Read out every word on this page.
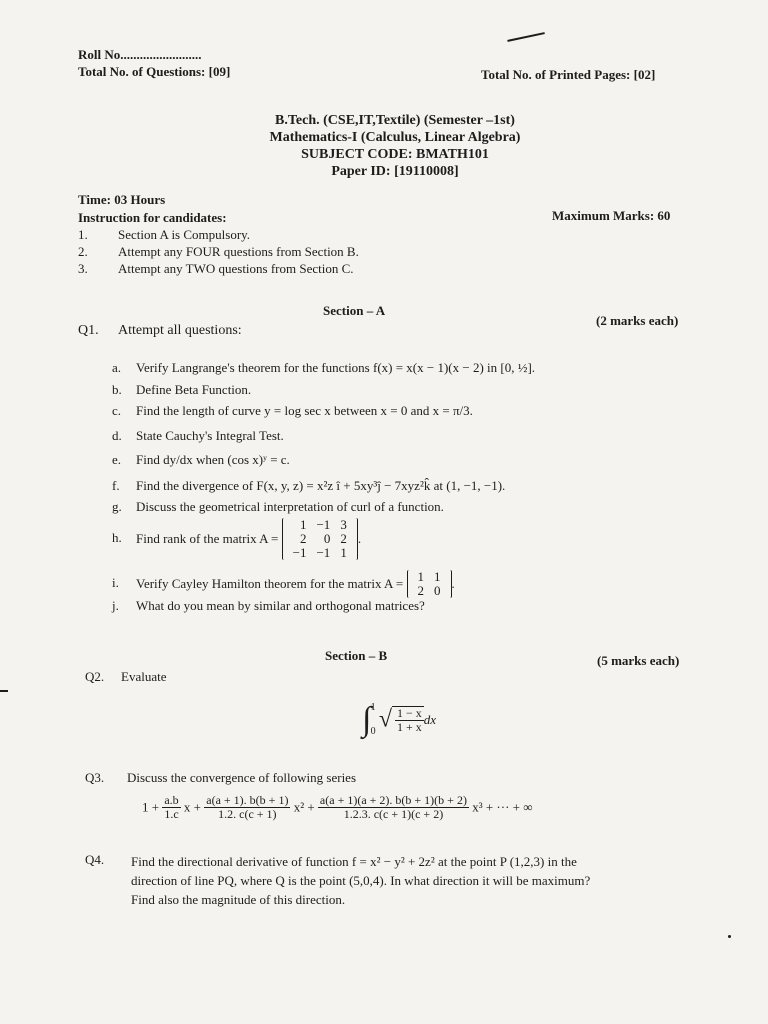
Roll No.........................
Total No. of Questions: [09]	Total No. of Printed Pages: [02]
B.Tech. (CSE,IT,Textile) (Semester –1st)
Mathematics-I (Calculus, Linear Algebra)
SUBJECT CODE: BMATH101
Paper ID: [19110008]
Time: 03 Hours
Instruction for candidates:	Maximum Marks: 60
1. Section A is Compulsory.
2. Attempt any FOUR questions from Section B.
3. Attempt any TWO questions from Section C.
Section – A
(2 marks each)
Q1. Attempt all questions:
a. Verify Langrange's theorem for the functions f(x) = x(x − 1)(x − 2) in [0, ½].
b. Define Beta Function.
c. Find the length of curve y = log sec x between x = 0 and x = π/3.
d. State Cauchy's Integral Test.
e. Find dy/dx when (cos x)ʸ = c.
f. Find the divergence of F(x, y, z) = x²z î + 5xy³ĵ − 7xyz²k̂ at (1, −1, −1).
g. Discuss the geometrical interpretation of curl of a function.
h. Find rank of the matrix A =
1	−1	3
2	0	2
−1	−1	1
.
i. Verify Cayley Hamilton theorem for the matrix A = 1	1
2	0 .
j. What do you mean by similar and orthogonal matrices?
Section – B	(5 marks each)
Q2. Evaluate
∫ 1
0 √ $\frac{1 - x}{1 + x}$ dx
Q3. Discuss the convergence of following series
$1 + \frac{a.b}{1.c}$ $x + \frac{a(a + 1). b(b + 1)}{1.2. c(c + 1)} x^2 + \frac{a(a + 1)(a + 2). b(b + 1)(b + 2)}{1.2.3. c(c + 1)(c + 2)} x^3$ + ··· + ∞
Q4. Find the directional derivative of function f = x² − y² + 2z² at the point P (1,2,3) in the
direction of line PQ, where Q is the point (5,0,4). In what direction it will be maximum?
Find also the magnitude of this direction.
